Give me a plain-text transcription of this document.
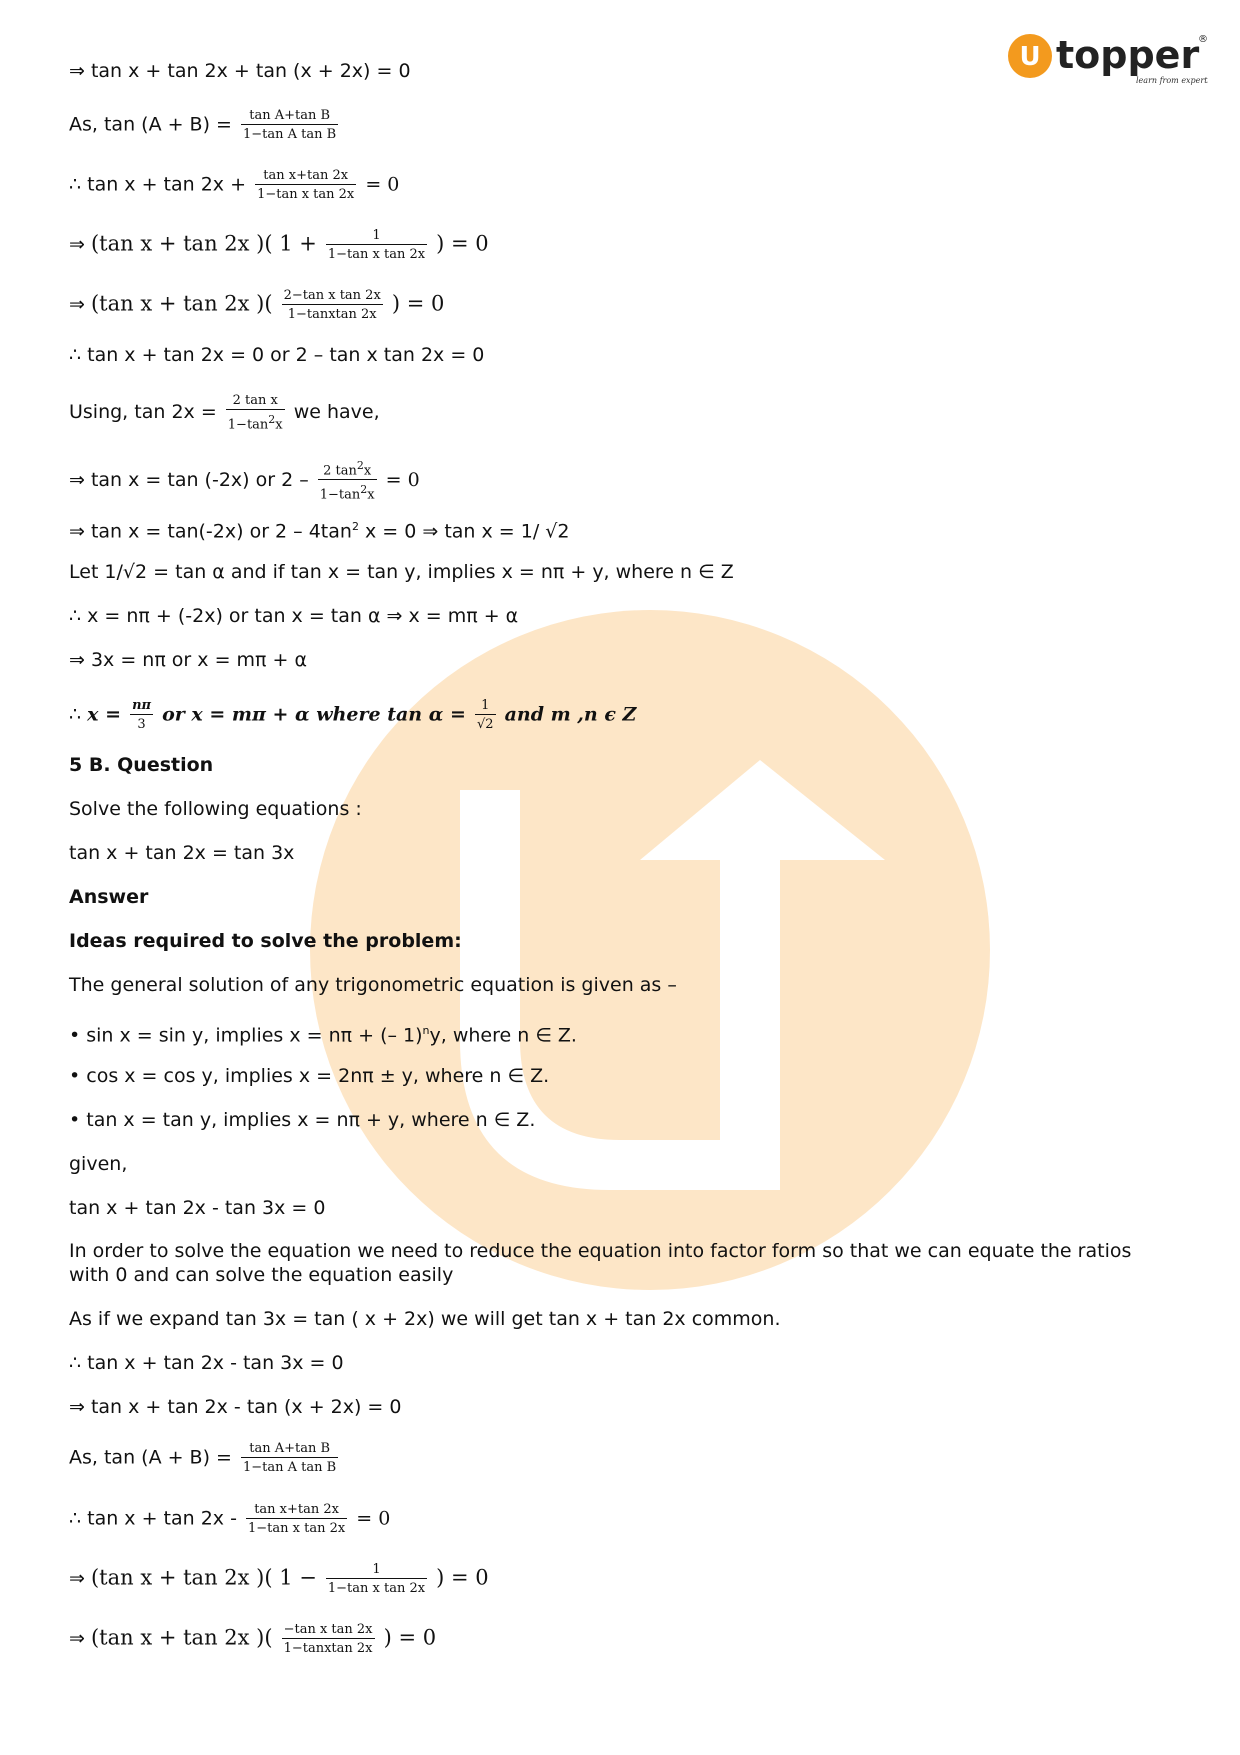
U topper
®
learn from experts
⇒ tan x + tan 2x + tan (x + 2x) = 0
As, $\tan (A + B) = \frac{\text{tan A+tan B}}{\text{1−tan A tan B}}$
∴ $\tan x + \tan 2x + \frac{\text{tan x+tan 2x}}{\text{1−tan x tan 2x}} = 0$
⇒ (tan x + tan 2x )( $1 + \frac{1}{\text{1−tan x tan 2x}}$ ) = 0
⇒ (tan x + tan 2x )( $\frac{\text{2−tan x tan 2x}}{\text{1−tanxtan 2x}}$ ) = 0
∴ tan x + tan 2x = 0 or 2 – tan x tan 2x = 0
Using, $\tan 2x = \frac{\text{2 tan x}}{1-\tan^2x}$ we have,
⇒ tan x = tan (-2x) or $2 - \frac{2 \tan^2x}{1-\tan^2x} = 0$
⇒ tan x = tan(-2x) or $2 - 4\tan^2$ x = 0 ⇒ tan x = 1/ √2
Let 1/√2 = tan α and if tan x = tan y, implies x = nπ + y, where n ∈ Z
∴ x = nπ + (-2x) or tan x = tan α ⇒ x = mπ + α
⇒ 3x = nπ or x = mπ + α
∴ $x = \frac{n\pi}{3}$ or x = mπ + α where $\tan \alpha = \frac{1}{√2}$ and m ,n ϵ Z
5 B. Question
Solve the following equations :
tan x + tan 2x = tan 3x
Answer
Ideas required to solve the problem:
The general solution of any trigonometric equation is given as –
• sin x = sin y, implies x = nπ + (– 1)$^n$y, where n ∈ Z.
• cos x = cos y, implies x = 2nπ ± y, where n ∈ Z.
• tan x = tan y, implies x = nπ + y, where n ∈ Z.
given,
tan x + tan 2x - tan 3x = 0
In order to solve the equation we need to reduce the equation into factor form so that we can equate the ratios with 0 and can solve the equation easily
As if we expand tan 3x = tan ( x + 2x) we will get tan x + tan 2x common.
∴ tan x + tan 2x - tan 3x = 0
⇒ tan x + tan 2x - tan (x + 2x) = 0
As, $\tan (A + B) = \frac{\text{tan A+tan B}}{\text{1−tan A tan B}}$
∴ $\tan x + \tan 2x - \frac{\text{tan x+tan 2x}}{\text{1−tan x tan 2x}} = 0$
⇒ (tan x + tan 2x )( $1 - \frac{1}{\text{1−tan x tan 2x}}$ ) = 0
⇒ (tan x + tan 2x )( $\frac{\text{−tan x tan 2x}}{\text{1−tanxtan 2x}}$ ) = 0
